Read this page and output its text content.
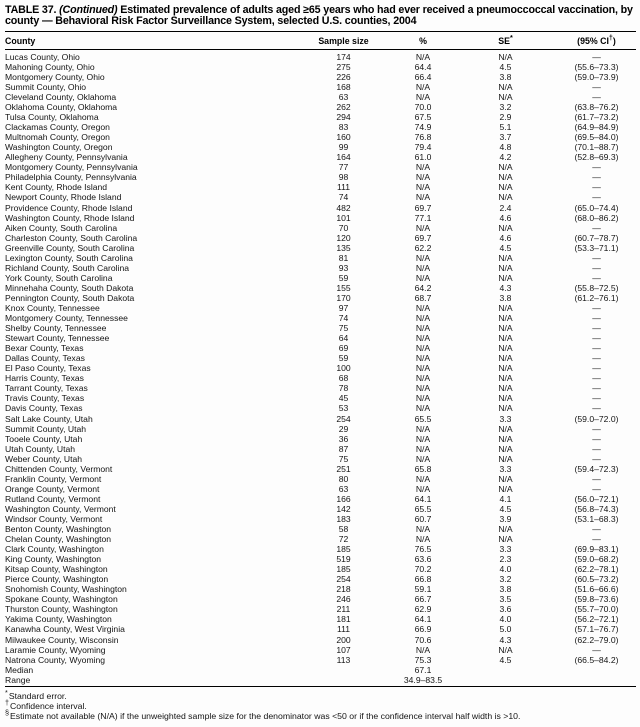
TABLE 37. (Continued) Estimated prevalence of adults aged ≥65 years who had ever received a pneumoccoccal vaccination, by county — Behavioral Risk Factor Surveillance System, selected U.S. counties, 2004
County	Sample size	%	SE*	(95% CI†)
Lucas County, Ohio	174	N/A	N/A	—
Mahoning County, Ohio	275	64.4	4.5	(55.6–73.3)
Montgomery County, Ohio	226	66.4	3.8	(59.0–73.9)
Summit County, Ohio	168	N/A	N/A	—
Cleveland County, Oklahoma	63	N/A	N/A	—
Oklahoma County, Oklahoma	262	70.0	3.2	(63.8–76.2)
Tulsa County, Oklahoma	294	67.5	2.9	(61.7–73.2)
Clackamas County, Oregon	83	74.9	5.1	(64.9–84.9)
Multnomah County, Oregon	160	76.8	3.7	(69.5–84.0)
Washington County, Oregon	99	79.4	4.8	(70.1–88.7)
Allegheny County, Pennsylvania	164	61.0	4.2	(52.8–69.3)
Montgomery County, Pennsylvania	77	N/A	N/A	—
Philadelphia County, Pennsylvania	98	N/A	N/A	—
Kent County, Rhode Island	111	N/A	N/A	—
Newport County, Rhode Island	74	N/A	N/A	—
Providence County, Rhode Island	482	69.7	2.4	(65.0–74.4)
Washington County, Rhode Island	101	77.1	4.6	(68.0–86.2)
Aiken County, South Carolina	70	N/A	N/A	—
Charleston County, South Carolina	120	69.7	4.6	(60.7–78.7)
Greenville County, South Carolina	135	62.2	4.5	(53.3–71.1)
Lexington County, South Carolina	81	N/A	N/A	—
Richland County, South Carolina	93	N/A	N/A	—
York County, South Carolina	59	N/A	N/A	—
Minnehaha County, South Dakota	155	64.2	4.3	(55.8–72.5)
Pennington County, South Dakota	170	68.7	3.8	(61.2–76.1)
Knox County, Tennessee	97	N/A	N/A	—
Montgomery County, Tennessee	74	N/A	N/A	—
Shelby County, Tennessee	75	N/A	N/A	—
Stewart County, Tennessee	64	N/A	N/A	—
Bexar County, Texas	69	N/A	N/A	—
Dallas County, Texas	59	N/A	N/A	—
El Paso County, Texas	100	N/A	N/A	—
Harris County, Texas	68	N/A	N/A	—
Tarrant County, Texas	78	N/A	N/A	—
Travis County, Texas	45	N/A	N/A	—
Davis County, Texas	53	N/A	N/A	—
Salt Lake County, Utah	254	65.5	3.3	(59.0–72.0)
Summit County, Utah	29	N/A	N/A	—
Tooele County, Utah	36	N/A	N/A	—
Utah County, Utah	87	N/A	N/A	—
Weber County, Utah	75	N/A	N/A	—
Chittenden County, Vermont	251	65.8	3.3	(59.4–72.3)
Franklin County, Vermont	80	N/A	N/A	—
Orange County, Vermont	63	N/A	N/A	—
Rutland County, Vermont	166	64.1	4.1	(56.0–72.1)
Washington County, Vermont	142	65.5	4.5	(56.8–74.3)
Windsor County, Vermont	183	60.7	3.9	(53.1–68.3)
Benton County, Washington	58	N/A	N/A	—
Chelan County, Washington	72	N/A	N/A	—
Clark County, Washington	185	76.5	3.3	(69.9–83.1)
King County, Washington	519	63.6	2.3	(59.0–68.2)
Kitsap County, Washington	185	70.2	4.0	(62.2–78.1)
Pierce County, Washington	254	66.8	3.2	(60.5–73.2)
Snohomish County, Washington	218	59.1	3.8	(51.6–66.6)
Spokane County, Washington	246	66.7	3.5	(59.8–73.6)
Thurston County, Washington	211	62.9	3.6	(55.7–70.0)
Yakima County, Washington	181	64.1	4.0	(56.2–72.1)
Kanawha County, West Virginia	111	66.9	5.0	(57.1–76.7)
Milwaukee County, Wisconsin	200	70.6	4.3	(62.2–79.0)
Laramie County, Wyoming	107	N/A	N/A	—
Natrona County, Wyoming	113	75.3	4.5	(66.5–84.2)
Median		67.1		
Range		34.9–83.5		
*Standard error.
†Confidence interval.
§Estimate not available (N/A) if the unweighted sample size for the denominator was <50 or if the confidence interval half width is >10.
